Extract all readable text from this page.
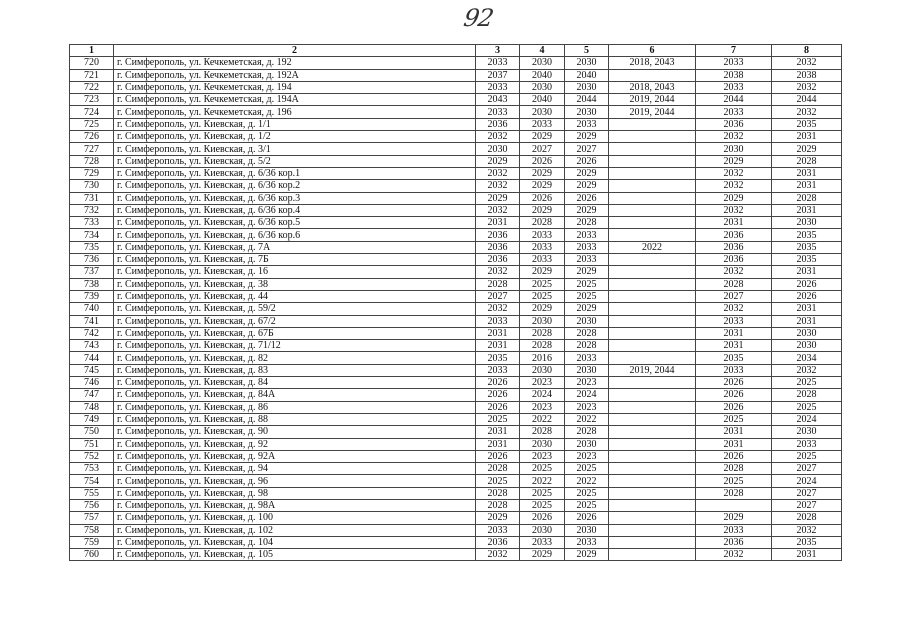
92
1	2	3	4	5	6	7	8
720	г. Симферополь, ул. Кечкеметская, д. 192	2033	2030	2030	2018, 2043	2033	2032
721	г. Симферополь, ул. Кечкеметская, д. 192А	2037	2040	2040		2038	2038
722	г. Симферополь, ул. Кечкеметская, д. 194	2033	2030	2030	2018, 2043	2033	2032
723	г. Симферополь, ул. Кечкеметская, д. 194А	2043	2040	2044	2019, 2044	2044	2044
724	г. Симферополь, ул. Кечкеметская, д. 196	2033	2030	2030	2019, 2044	2033	2032
725	г. Симферополь, ул. Киевская, д. 1/1	2036	2033	2033		2036	2035
726	г. Симферополь, ул. Киевская, д. 1/2	2032	2029	2029		2032	2031
727	г. Симферополь, ул. Киевская, д. 3/1	2030	2027	2027		2030	2029
728	г. Симферополь, ул. Киевская, д. 5/2	2029	2026	2026		2029	2028
729	г. Симферополь, ул. Киевская, д. 6/36 кор.1	2032	2029	2029		2032	2031
730	г. Симферополь, ул. Киевская, д. 6/36 кор.2	2032	2029	2029		2032	2031
731	г. Симферополь, ул. Киевская, д. 6/36 кор.3	2029	2026	2026		2029	2028
732	г. Симферополь, ул. Киевская, д. 6/36 кор.4	2032	2029	2029		2032	2031
733	г. Симферополь, ул. Киевская, д. 6/36 кор.5	2031	2028	2028		2031	2030
734	г. Симферополь, ул. Киевская, д. 6/36 кор.6	2036	2033	2033		2036	2035
735	г. Симферополь, ул. Киевская, д. 7А	2036	2033	2033	2022	2036	2035
736	г. Симферополь, ул. Киевская, д. 7Б	2036	2033	2033		2036	2035
737	г. Симферополь, ул. Киевская, д. 16	2032	2029	2029		2032	2031
738	г. Симферополь, ул. Киевская, д. 38	2028	2025	2025		2028	2026
739	г. Симферополь, ул. Киевская, д. 44	2027	2025	2025		2027	2026
740	г. Симферополь, ул. Киевская, д. 59/2	2032	2029	2029		2032	2031
741	г. Симферополь, ул. Киевская, д. 67/2	2033	2030	2030		2033	2031
742	г. Симферополь, ул. Киевская, д. 67Б	2031	2028	2028		2031	2030
743	г. Симферополь, ул. Киевская, д. 71/12	2031	2028	2028		2031	2030
744	г. Симферополь, ул. Киевская, д. 82	2035	2016	2033		2035	2034
745	г. Симферополь, ул. Киевская, д. 83	2033	2030	2030	2019, 2044	2033	2032
746	г. Симферополь, ул. Киевская, д. 84	2026	2023	2023		2026	2025
747	г. Симферополь, ул. Киевская, д. 84А	2026	2024	2024		2026	2028
748	г. Симферополь, ул. Киевская, д. 86	2026	2023	2023		2026	2025
749	г. Симферополь, ул. Киевская, д. 88	2025	2022	2022		2025	2024
750	г. Симферополь, ул. Киевская, д. 90	2031	2028	2028		2031	2030
751	г. Симферополь, ул. Киевская, д. 92	2031	2030	2030		2031	2033
752	г. Симферополь, ул. Киевская, д. 92А	2026	2023	2023		2026	2025
753	г. Симферополь, ул. Киевская, д. 94	2028	2025	2025		2028	2027
754	г. Симферополь, ул. Киевская, д. 96	2025	2022	2022		2025	2024
755	г. Симферополь, ул. Киевская, д. 98	2028	2025	2025		2028	2027
756	г. Симферополь, ул. Киевская, д. 98А	2028	2025	2025			2027
757	г. Симферополь, ул. Киевская, д. 100	2029	2026	2026		2029	2028
758	г. Симферополь, ул. Киевская, д. 102	2033	2030	2030		2033	2032
759	г. Симферополь, ул. Киевская, д. 104	2036	2033	2033		2036	2035
760	г. Симферополь, ул. Киевская, д. 105	2032	2029	2029		2032	2031
